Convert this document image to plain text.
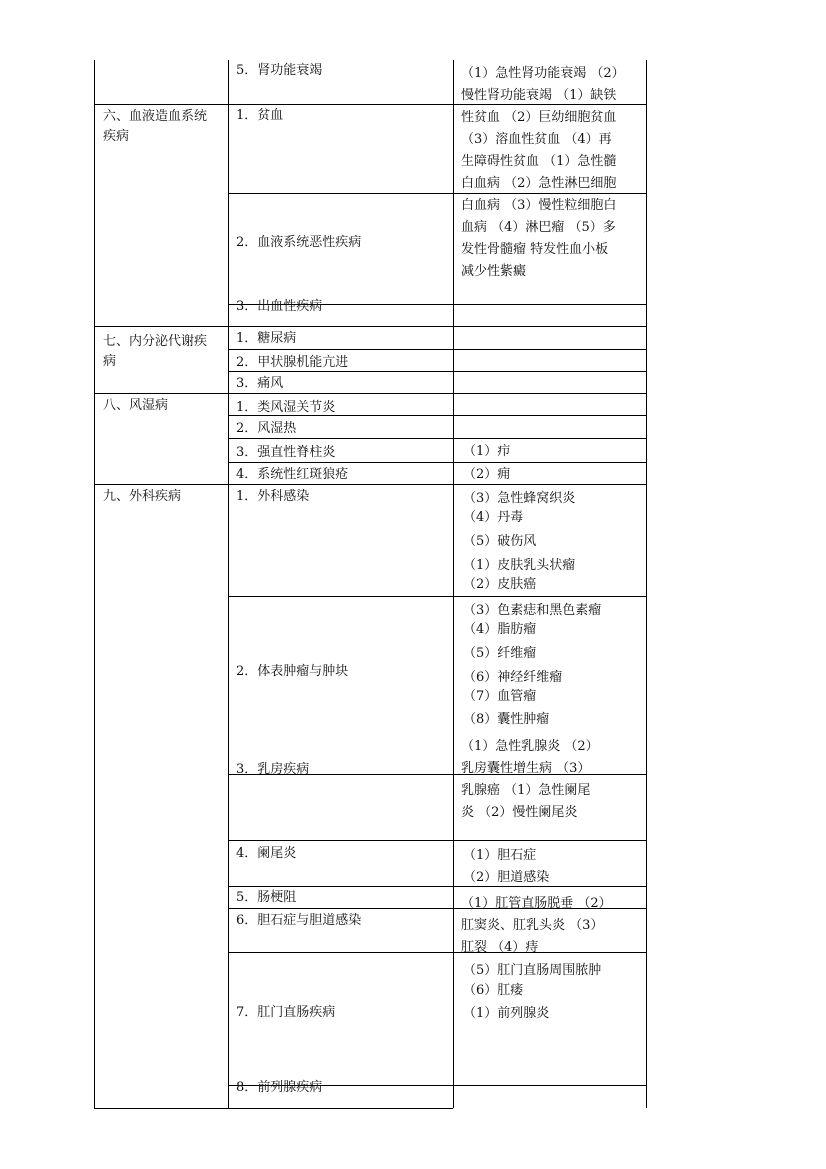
六、血液造血系统
疾病
七、内分泌代谢疾
病
八、风湿病
九、外科疾病
5．肾功能衰竭
1．贫血
2．血液系统恶性疾病
3．出血性疾病
1．糖尿病
2．甲状腺机能亢进
3．痛风
1．类风湿关节炎
2．风湿热
3．强直性脊柱炎
4．系统性红斑狼疮
1．外科感染
2．体表肿瘤与肿块
3．乳房疾病
4．阑尾炎
5．肠梗阻
6．胆石症与胆道感染
7．肛门直肠疾病
8．前列腺疾病
（1）急性肾功能衰竭 （2）
慢性肾功能衰竭 （1）缺铁
性贫血 （2）巨幼细胞贫血
（3）溶血性贫血 （4）再
生障碍性贫血 （1）急性髓
白血病 （2）急性淋巴细胞
白血病 （3）慢性粒细胞白
血病 （4）淋巴瘤 （5）多
发性骨髓瘤 特发性血小板
减少性紫癜
（1）疖
（2）痈
（3）急性蜂窝织炎
（4）丹毒
（5）破伤风
（1）皮肤乳头状瘤
（2）皮肤癌
（3）色素痣和黑色素瘤
（4）脂肪瘤
（5）纤维瘤
（6）神经纤维瘤
（7）血管瘤
（8）囊性肿瘤
（1）急性乳腺炎 （2）
乳房囊性增生病 （3）
乳腺癌 （1）急性阑尾
炎 （2）慢性阑尾炎
（1）胆石症
（2）胆道感染
（1）肛管直肠脱垂 （2）
肛窦炎、肛乳头炎 （3）
肛裂 （4）痔
（5）肛门直肠周围脓肿
（6）肛瘘
（1）前列腺炎
